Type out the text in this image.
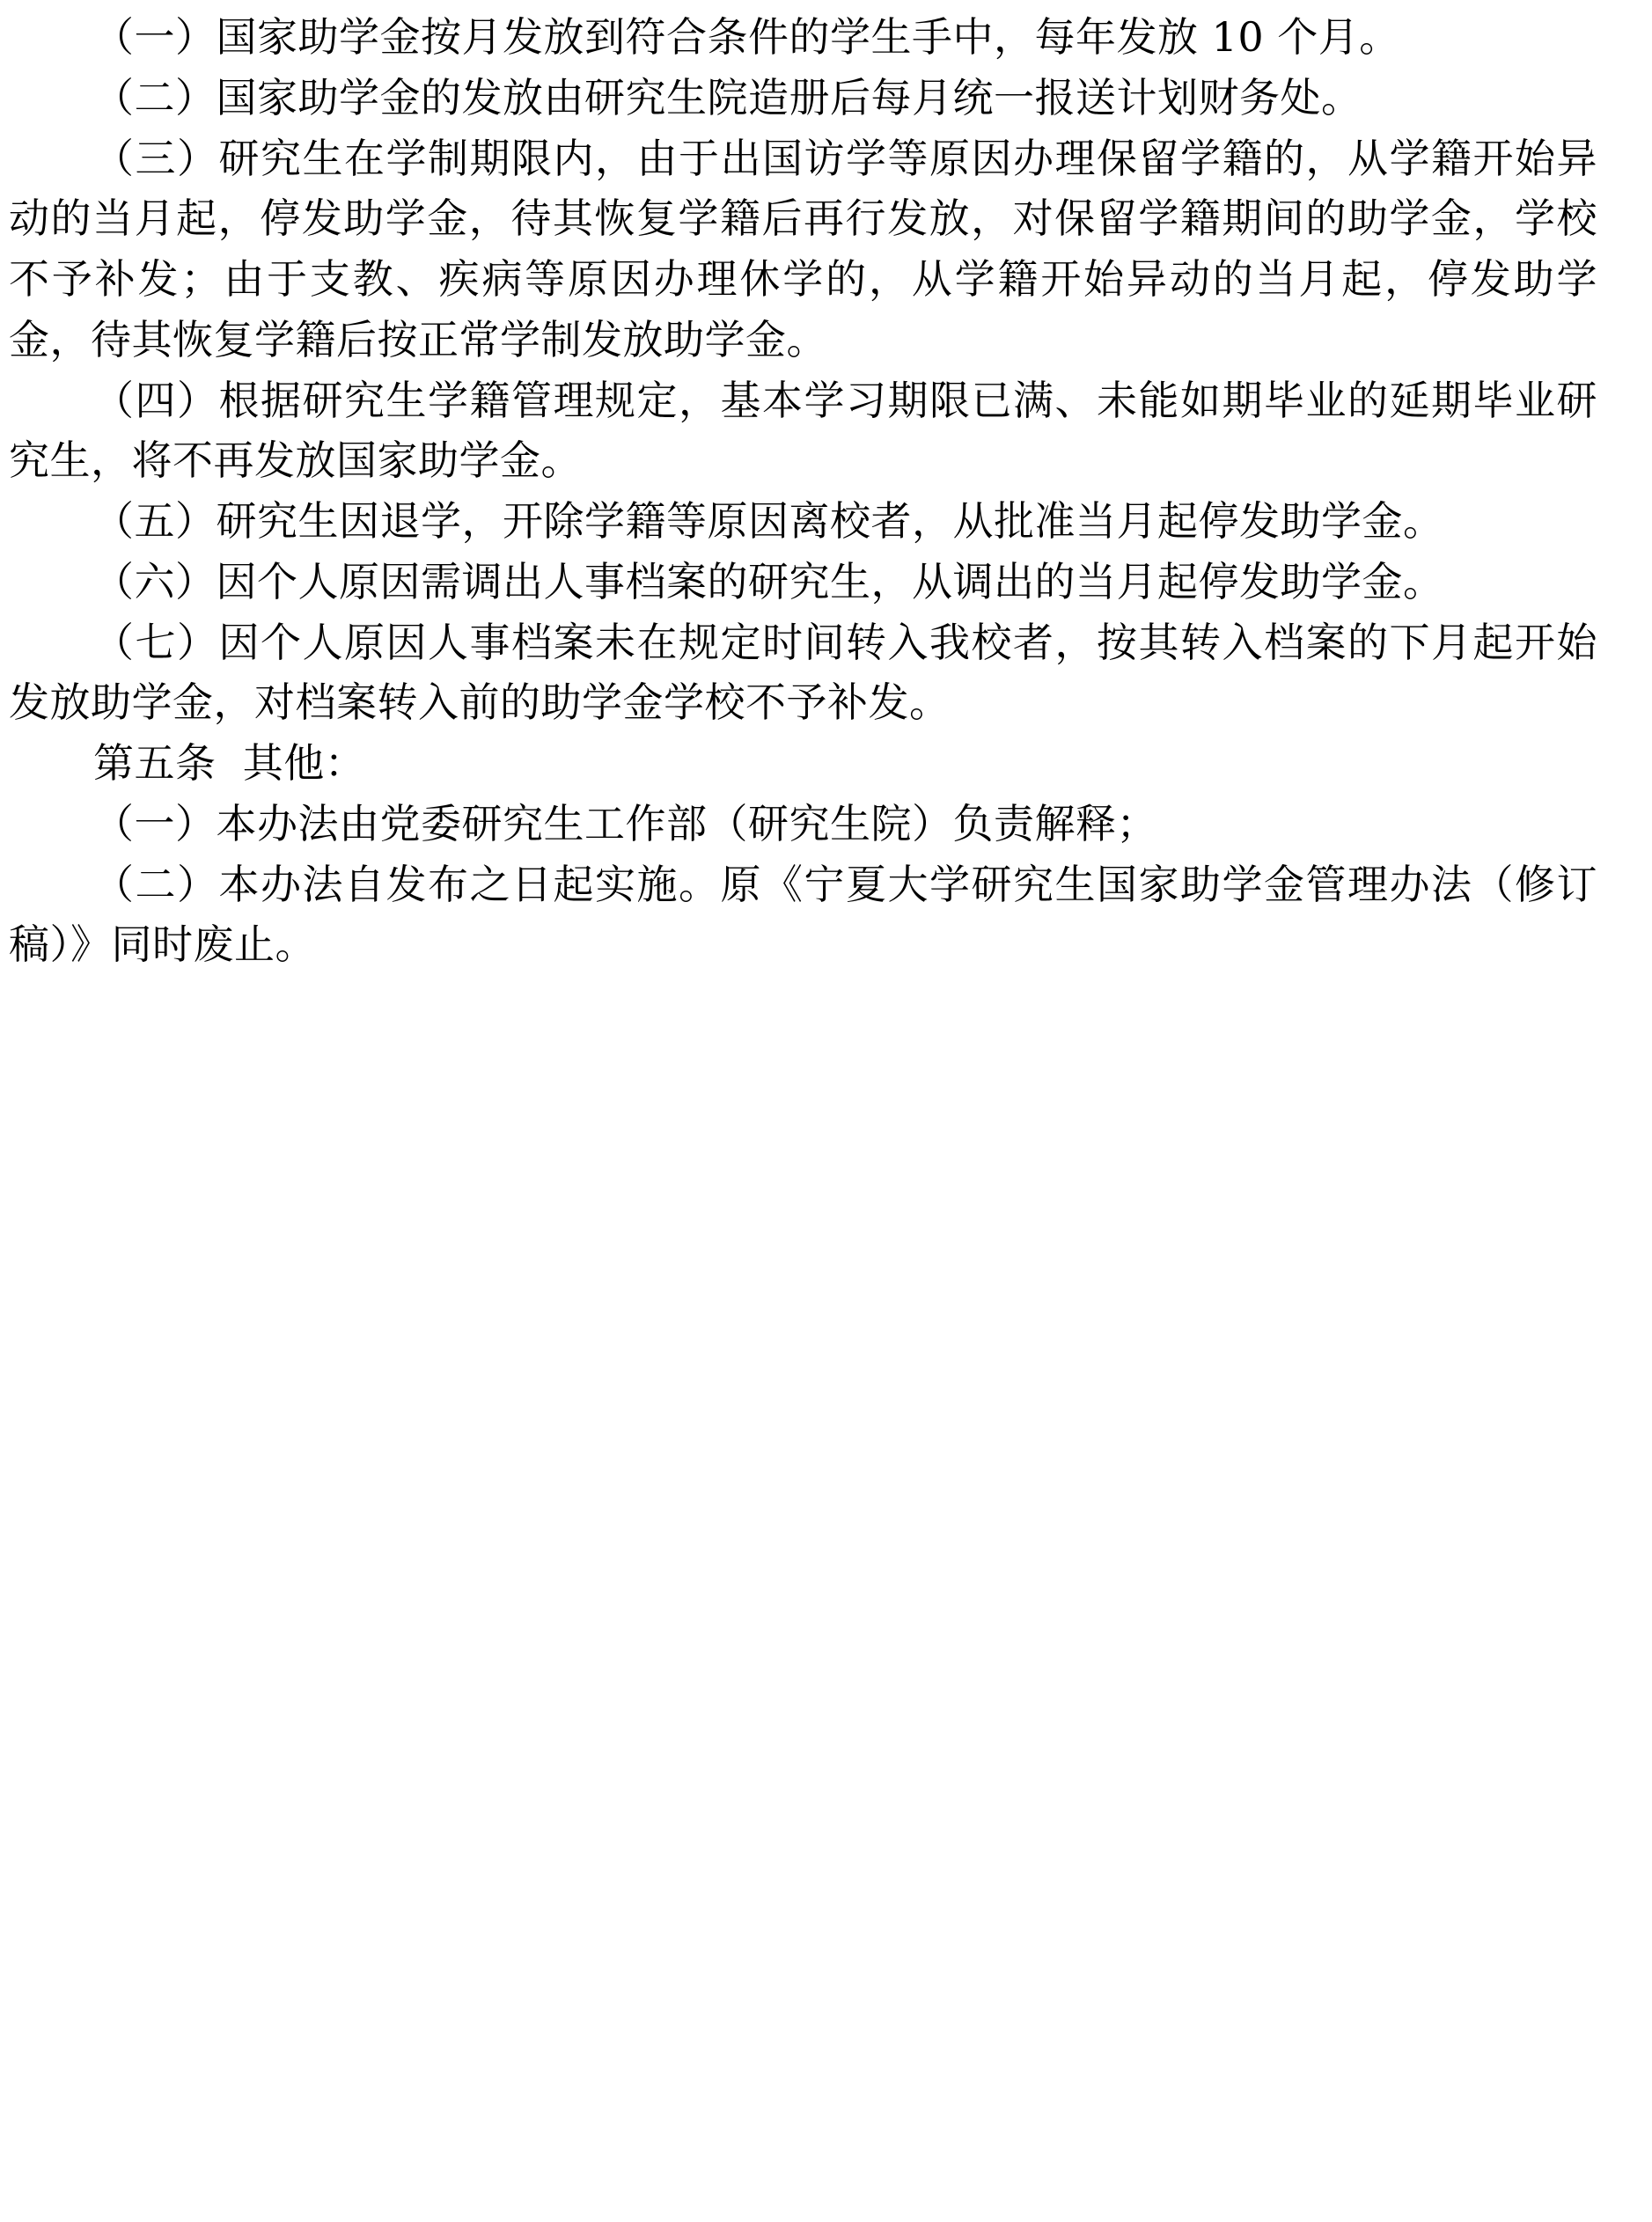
（一）国家助学金按月发放到符合条件的学生手中，每年发放 10 个月。

（二）国家助学金的发放由研究生院造册后每月统一报送计划财务处。

（三）研究生在学制期限内，由于出国访学等原因办理保留学籍的，从学籍开始异动的当月起，停发助学金，待其恢复学籍后再行发放，对保留学籍期间的助学金，学校不予补发；由于支教、疾病等原因办理休学的，从学籍开始异动的当月起，停发助学金，待其恢复学籍后按正常学制发放助学金。

（四）根据研究生学籍管理规定，基本学习期限已满、未能如期毕业的延期毕业研究生，将不再发放国家助学金。

（五）研究生因退学，开除学籍等原因离校者，从批准当月起停发助学金。

（六）因个人原因需调出人事档案的研究生，从调出的当月起停发助学金。

（七）因个人原因人事档案未在规定时间转入我校者，按其转入档案的下月起开始发放助学金，对档案转入前的助学金学校不予补发。

第五条  其他：

（一）本办法由党委研究生工作部（研究生院）负责解释；

（二）本办法自发布之日起实施。原《宁夏大学研究生国家助学金管理办法（修订稿）》同时废止。
